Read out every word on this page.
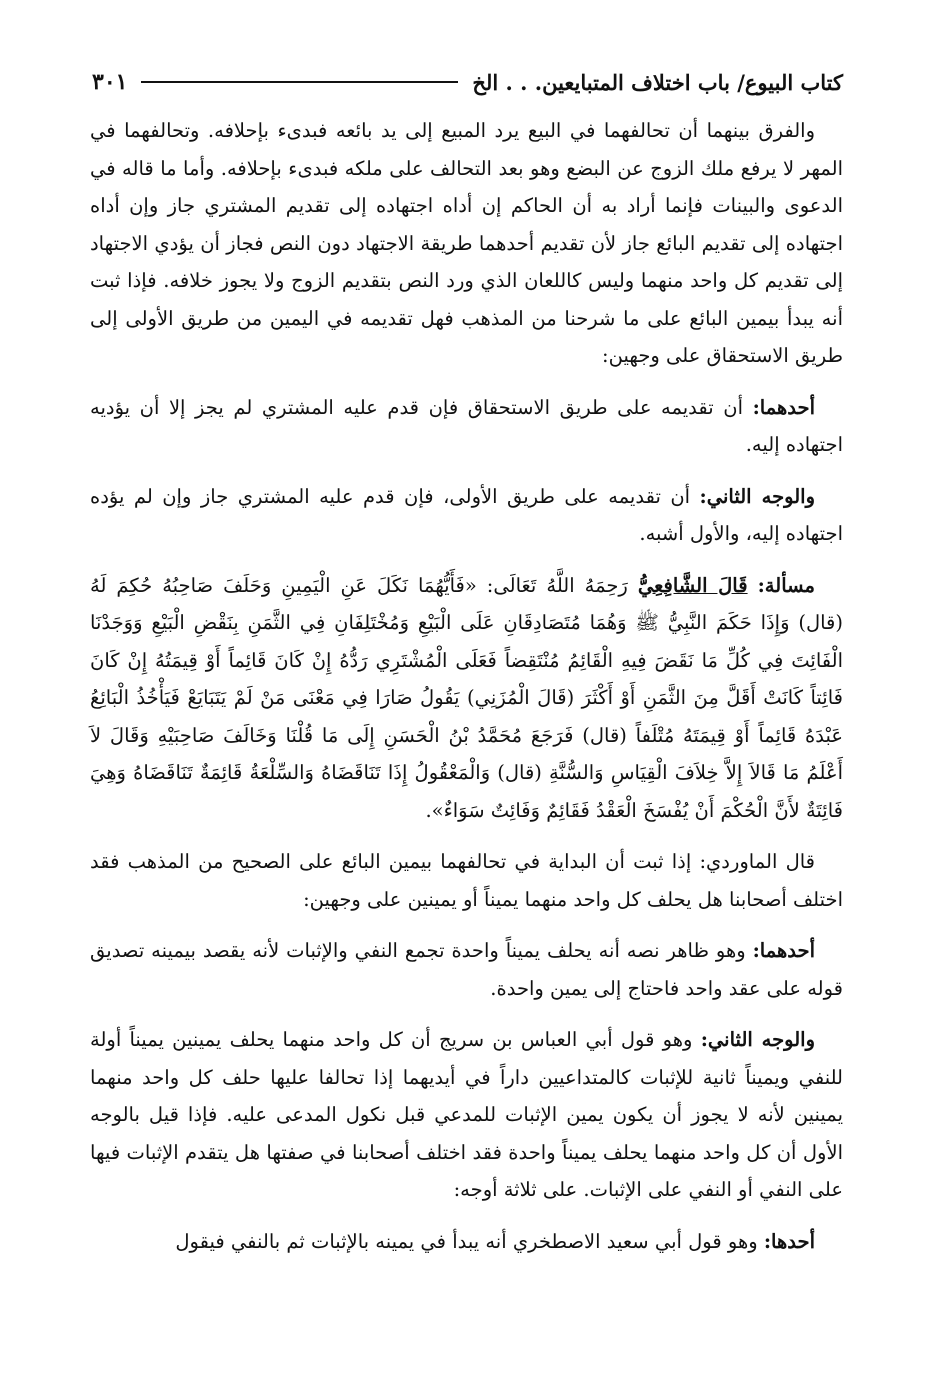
كتاب البيوع/ باب اختلاف المتبايعين. . . الخ
٣٠١

والفرق بينهما أن تحالفهما في البيع يرد المبيع إلى يد بائعه فبدىء بإحلافه. وتحالفهما في المهر لا يرفع ملك الزوج عن البضع وهو بعد التحالف على ملكه فبدىء بإحلافه. وأما ما قاله في الدعوى والبينات فإنما أراد به أن الحاكم إن أداه اجتهاده إلى تقديم المشتري جاز وإن أداه اجتهاده إلى تقديم البائع جاز لأن تقديم أحدهما طريقة الاجتهاد دون النص فجاز أن يؤدي الاجتهاد إلى تقديم كل واحد منهما وليس كاللعان الذي ورد النص بتقديم الزوج ولا يجوز خلافه. فإذا ثبت أنه يبدأ بيمين البائع على ما شرحنا من المذهب فهل تقديمه في اليمين من طريق الأولى إلى طريق الاستحقاق على وجهين:

أحدهما: أن تقديمه على طريق الاستحقاق فإن قدم عليه المشتري لم يجز إلا أن يؤديه اجتهاده إليه.

والوجه الثاني: أن تقديمه على طريق الأولى، فإن قدم عليه المشتري جاز وإن لم يؤده اجتهاده إليه، والأول أشبه.

مسألة: قَالَ الشَّافِعِيُّ رَحِمَهُ اللَّهُ تَعَالَى: «فَأَيُّهُمَا نَكَلَ عَنِ الْيَمِينِ وَحَلَفَ صَاحِبُهُ حُكِمَ لَهُ (قال) وَإِذَا حَكَمَ النَّبِيُّ ﷺ وَهُمَا مُتَصَادِقَانِ عَلَى الْبَيْعِ وَمُخْتَلِفَانِ فِي الثَّمَنِ بِنَقْضِ الْبَيْعِ وَوَجَدْنَا الْفَائِتَ فِي كُلِّ مَا نَقَضَ فِيهِ الْقَائِمُ مُنْتَقِضاً فَعَلَى الْمُشْتَرِي رَدُّهُ إِنْ كَانَ قَائِماً أَوْ قِيمَتُهُ إِنْ كَانَ فَائِتاً كَانَتْ أَقَلَّ مِنَ الثَّمَنِ أَوْ أَكْثَرَ (قَالَ الْمُزَنِي) يَقُولُ صَارَا فِي مَعْنَى مَنْ لَمْ يَتَبَايَعْ فَيَأْخُذُ الْبَائِعُ عَبْدَهُ قَائِماً أَوْ قِيمَتَهُ مُتْلَفاً (قال) فَرَجَعَ مُحَمَّدُ بْنُ الْحَسَنِ إِلَى مَا قُلْنَا وَخَالَفَ صَاحِبَيْهِ وَقَالَ لاَ أَعْلَمُ مَا قَالاَ إِلاَّ خِلاَفَ الْقِيَاسِ وَالسُّنَّةِ (قال) وَالْمَعْقُولُ إِذَا تَنَاقَضَاهُ وَالسِّلْعَةُ قَائِمَةٌ تَنَاقَضَاهُ وَهِيَ فَائِتَةٌ لأَنَّ الْحُكْمَ أَنْ يُفْسَخَ الْعَقْدُ فَقَائِمٌ وَفَائِتٌ سَوَاءٌ».

قال الماوردي: إذا ثبت أن البداية في تحالفهما بيمين البائع على الصحيح من المذهب فقد اختلف أصحابنا هل يحلف كل واحد منهما يميناً أو يمينين على وجهين:

أحدهما: وهو ظاهر نصه أنه يحلف يميناً واحدة تجمع النفي والإثبات لأنه يقصد بيمينه تصديق قوله على عقد واحد فاحتاج إلى يمين واحدة.

والوجه الثاني: وهو قول أبي العباس بن سريج أن كل واحد منهما يحلف يمينين يميناً أولة للنفي ويميناً ثانية للإثبات كالمتداعيين داراً في أيديهما إذا تحالفا عليها حلف كل واحد منهما يمينين لأنه لا يجوز أن يكون يمين الإثبات للمدعي قبل نكول المدعى عليه. فإذا قيل بالوجه الأول أن كل واحد منهما يحلف يميناً واحدة فقد اختلف أصحابنا في صفتها هل يتقدم الإثبات فيها على النفي أو النفي على الإثبات. على ثلاثة أوجه:

أحدها: وهو قول أبي سعيد الاصطخري أنه يبدأ في يمينه بالإثبات ثم بالنفي فيقول
